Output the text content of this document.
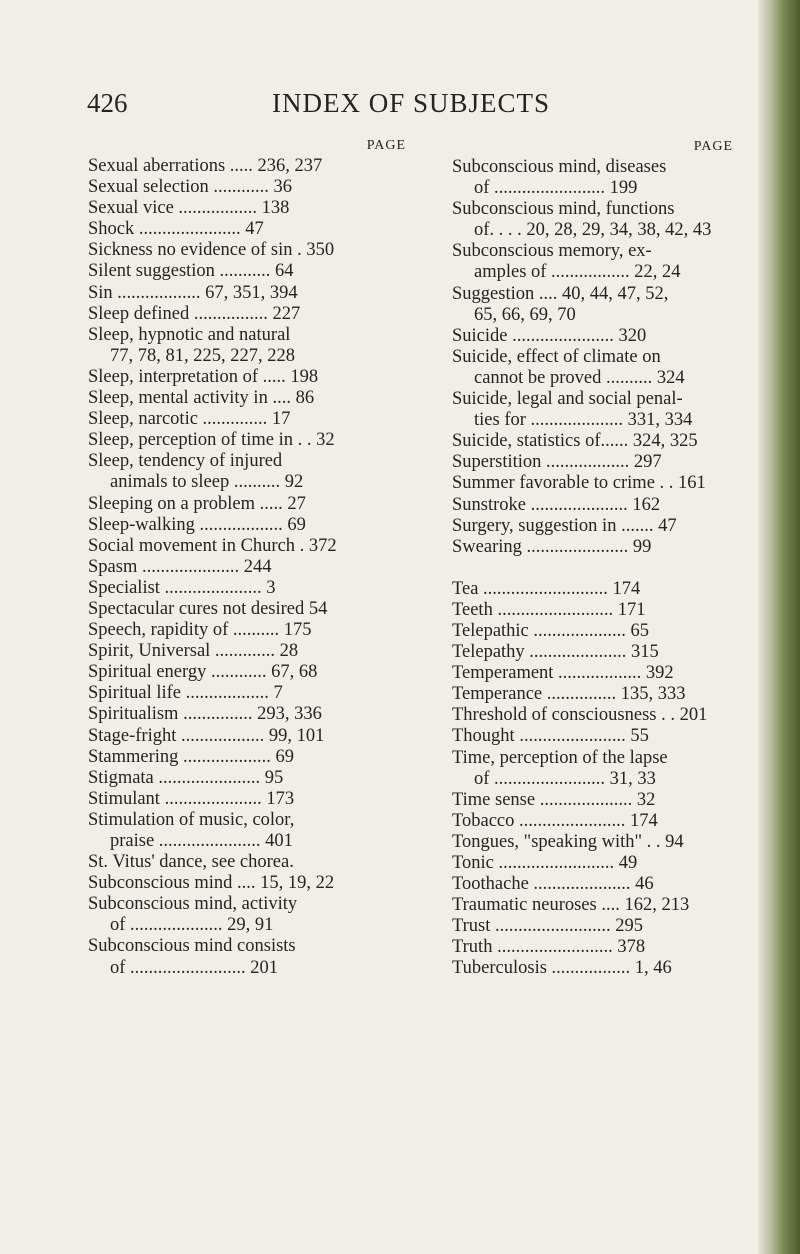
426	INDEX OF SUBJECTS
PAGE
Sexual aberrations ..... 236, 237
Sexual selection ............ 36
Sexual vice ................. 138
Shock ...................... 47
Sickness no evidence of sin . 350
Silent suggestion ........... 64
Sin .................. 67, 351, 394
Sleep defined ................ 227
Sleep, hypnotic and natural
77, 78, 81, 225, 227, 228
Sleep, interpretation of ..... 198
Sleep, mental activity in .... 86
Sleep, narcotic .............. 17
Sleep, perception of time in . . 32
Sleep, tendency of injured
animals to sleep .......... 92
Sleeping on a problem ..... 27
Sleep-walking .................. 69
Social movement in Church . 372
Spasm ..................... 244
Specialist ..................... 3
Spectacular cures not desired 54
Speech, rapidity of .......... 175
Spirit, Universal ............. 28
Spiritual energy ............ 67, 68
Spiritual life .................. 7
Spiritualism ............... 293, 336
Stage-fright .................. 99, 101
Stammering ................... 69
Stigmata ...................... 95
Stimulant ..................... 173
Stimulation of music, color,
praise ...................... 401
St. Vitus' dance, see chorea.
Subconscious mind .... 15, 19, 22
Subconscious mind, activity
of .................... 29, 91
Subconscious mind consists
of ......................... 201
PAGE
Subconscious mind, diseases
of ........................ 199
Subconscious mind, functions
of. . . . 20, 28, 29, 34, 38, 42, 43
Subconscious memory, ex-
amples of ................. 22, 24
Suggestion .... 40, 44, 47, 52,
65, 66, 69, 70
Suicide ...................... 320
Suicide, effect of climate on
cannot be proved .......... 324
Suicide, legal and social penal-
ties for .................... 331, 334
Suicide, statistics of...... 324, 325
Superstition .................. 297
Summer favorable to crime . . 161
Sunstroke ..................... 162
Surgery, suggestion in ....... 47
Swearing ...................... 99
Tea ........................... 174
Teeth ......................... 171
Telepathic .................... 65
Telepathy ..................... 315
Temperament .................. 392
Temperance ............... 135, 333
Threshold of consciousness . . 201
Thought ....................... 55
Time, perception of the lapse
of ........................ 31, 33
Time sense .................... 32
Tobacco ....................... 174
Tongues, "speaking with" . . 94
Tonic ......................... 49
Toothache ..................... 46
Traumatic neuroses .... 162, 213
Trust ......................... 295
Truth ......................... 378
Tuberculosis ................. 1, 46
